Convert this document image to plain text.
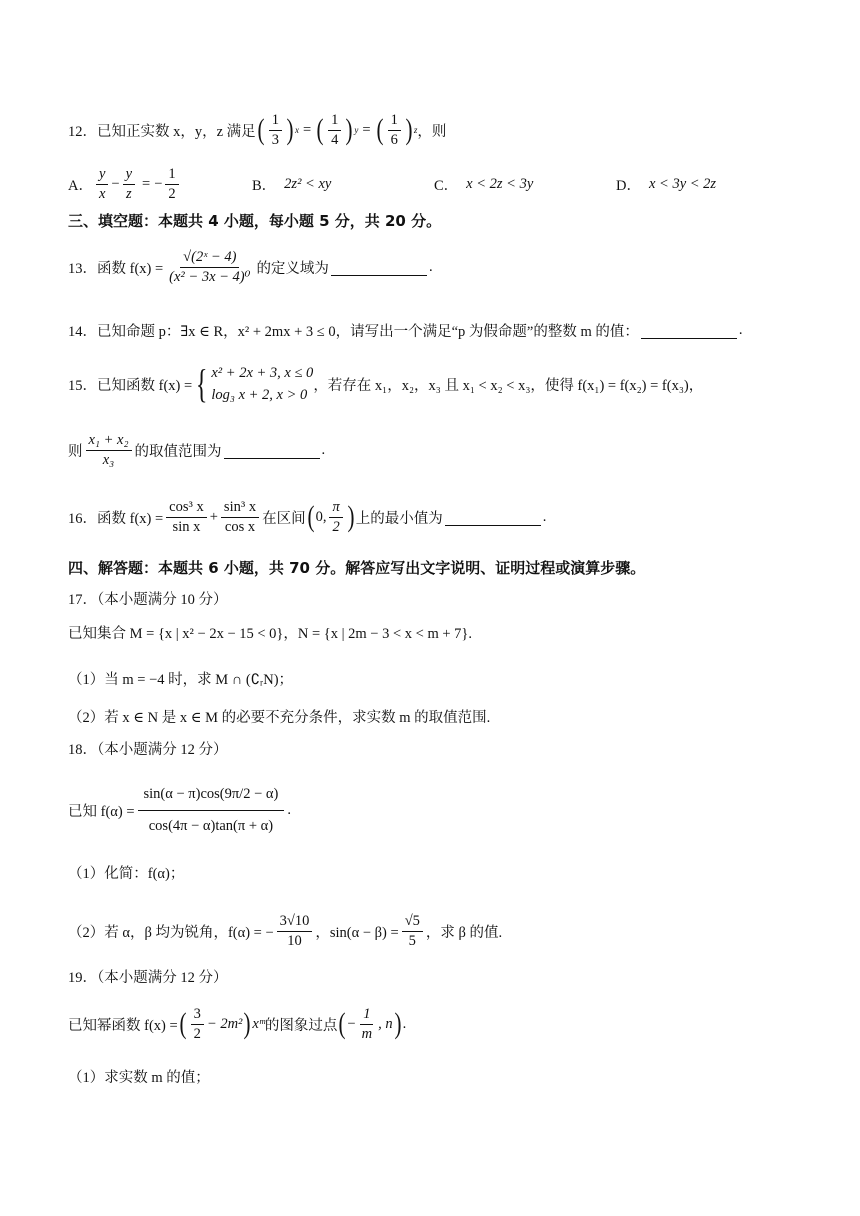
12．已知正实数 x，y，z 满足 ( $\frac{1}{3}$ ) x = ( $\frac{1}{4}$ ) y = ( $\frac{1}{6}$ ) z ，则
A． $\frac{y}{x} - \frac{y}{z}$ = − $\frac{1}{2}$	B． 2z² < xy	C． x < 2z < 3y	D． x < 3y < 2z
三、填空题：本题共 4 小题，每小题 5 分，共 20 分。
13． 函数 $f(x) = \frac{\text{√(2ˣ − 4)}}{\text{(x² − 3x − 4)⁰}}$ 的定义域为	.
14．已知命题 p：∃x ∈ R，x² + 2mx + 3 ≤ 0，请写出一个满足“p 为假命题”的整数 m 的值：	.
15．已知函数 f(x) = { x² + 2x + 3, x ≤ 0
log₃ x + 2, x > 0
，若存在 x₁，x₂，x₃ 且 x₁ < x₂ < x₃，使得 f(x₁) = f(x₂) = f(x₃)，
则 $\frac{\text{x₁ + x₂}}{\text{x₃}}$ 的取值范围为	.
16．函数 $f(x) = \frac{\text{cos³ x}}{\text{sin x}} + \frac{\text{sin³ x}}{\text{cos x}}$ 在区间 ( 0, $\frac{\pi}{2}$ ) 上的最小值为	.
四、解答题：本题共 6 小题，共 70 分。解答应写出文字说明、证明过程或演算步骤。
17．（本小题满分 10 分）
已知集合 M = {x | x² − 2x − 15 < 0}，N = {x | 2m − 3 < x < m + 7}.
（1）当 m = −4 时，求 M ∩ (∁ᵣN)；
（2）若 x ∈ N 是 x ∈ M 的必要不充分条件，求实数 m 的取值范围.
18．（本小题满分 12 分）
已知 $f(\alpha) = \frac{\sin(\alpha - \pi)\cos(9\pi/2 - \alpha)}{\cos(4\pi - \alpha)\tan(\pi + \alpha)}$ .
（1）化简：f(α)；
（2）若 α，β 均为锐角，f(α) = − $\frac{3√10}{10}$ ，$\sin(\alpha - \beta) = \frac{√5}{5}$ ，求 β 的值.
19．（本小题满分 12 分）
已知幂函数 f(x) = ( $\frac{3}{2} - 2m^2$ ) xᵐ 的图象过点 ( − $\frac{1}{m}$ , n ) .
（1）求实数 m 的值；
